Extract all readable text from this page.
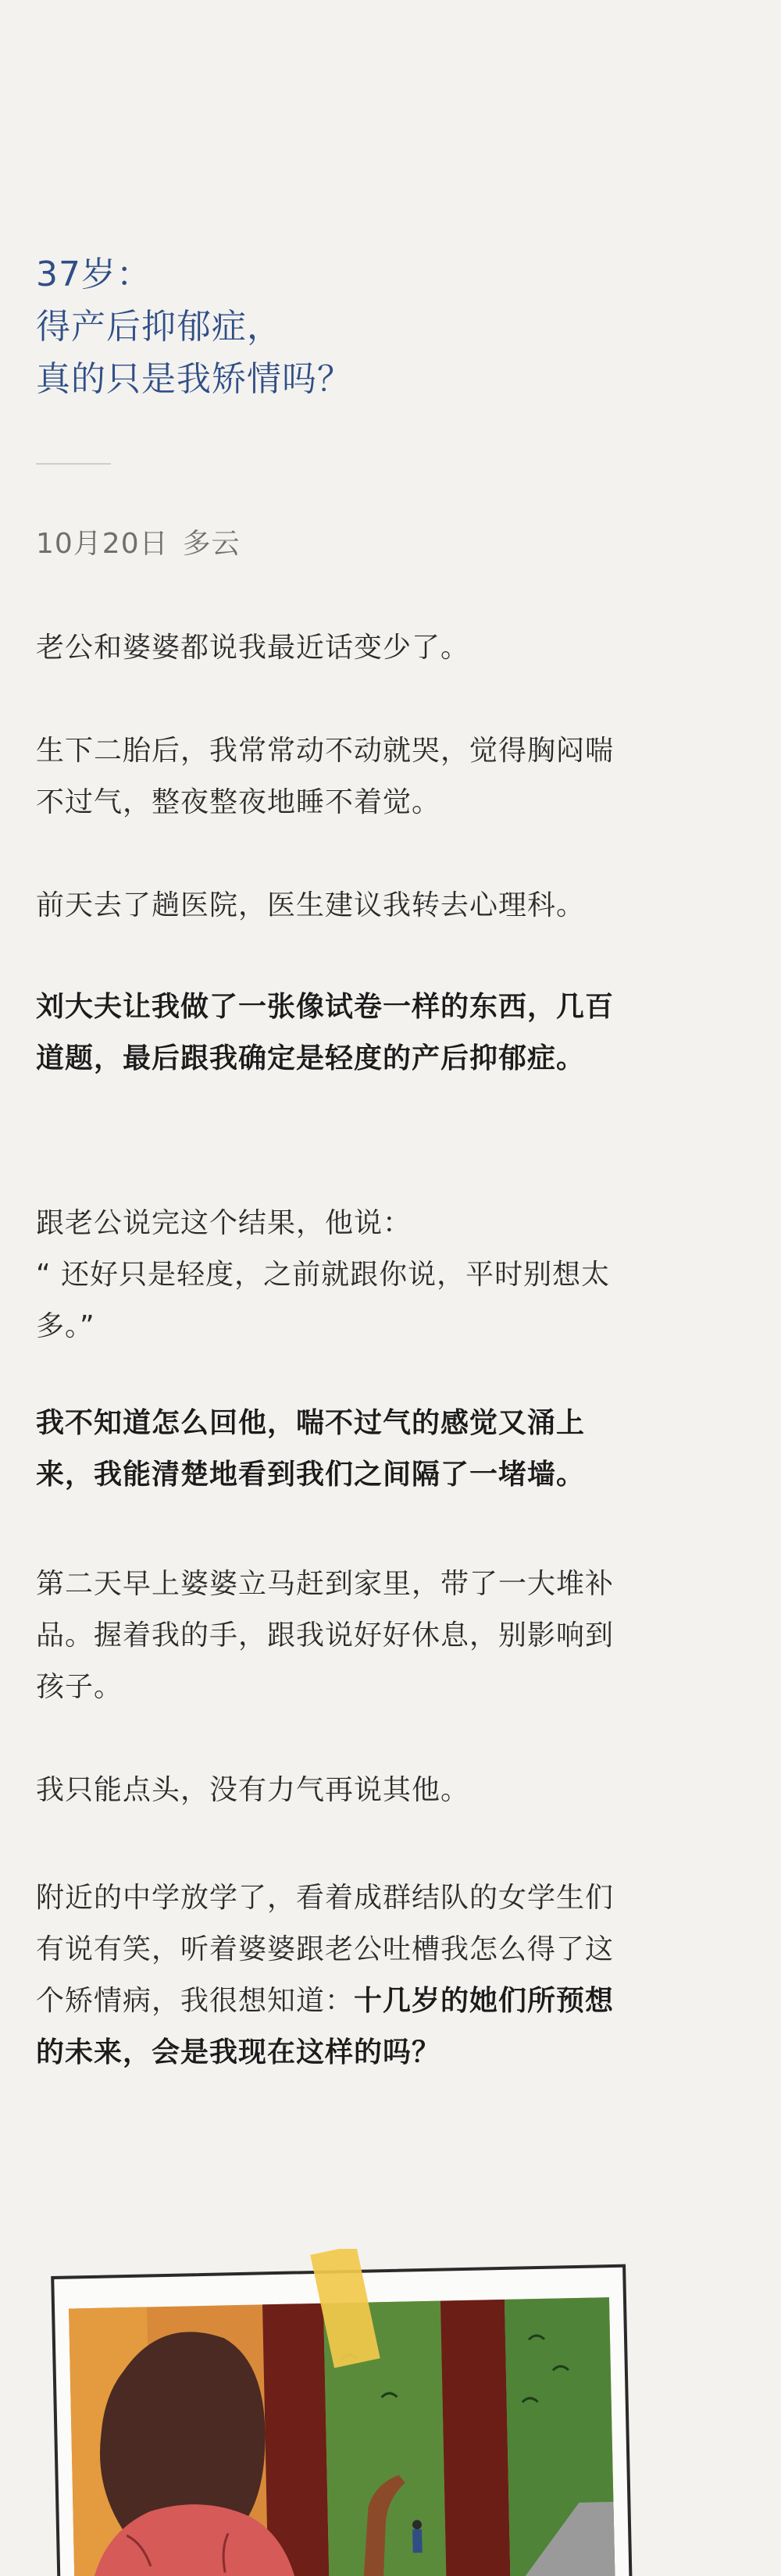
37岁：
得产后抑郁症，
真的只是我矫情吗？
10月20日 多云

老公和婆婆都说我最近话变少了。

生下二胎后，我常常动不动就哭，觉得胸闷喘不过气，整夜整夜地睡不着觉。

前天去了趟医院，医生建议我转去心理科。

刘大夫让我做了一张像试卷一样的东西，几百道题，最后跟我确定是轻度的产后抑郁症。

跟老公说完这个结果，他说：

“ 还好只是轻度，之前就跟你说，平时别想太多。”

我不知道怎么回他，喘不过气的感觉又涌上来，我能清楚地看到我们之间隔了一堵墙。

第二天早上婆婆立马赶到家里，带了一大堆补品。握着我的手，跟我说好好休息，别影响到孩子。

我只能点头，没有力气再说其他。

附近的中学放学了，看着成群结队的女学生们有说有笑，听着婆婆跟老公吐槽我怎么得了这个矫情病，我很想知道：十几岁的她们所预想的未来，会是我现在这样的吗？
